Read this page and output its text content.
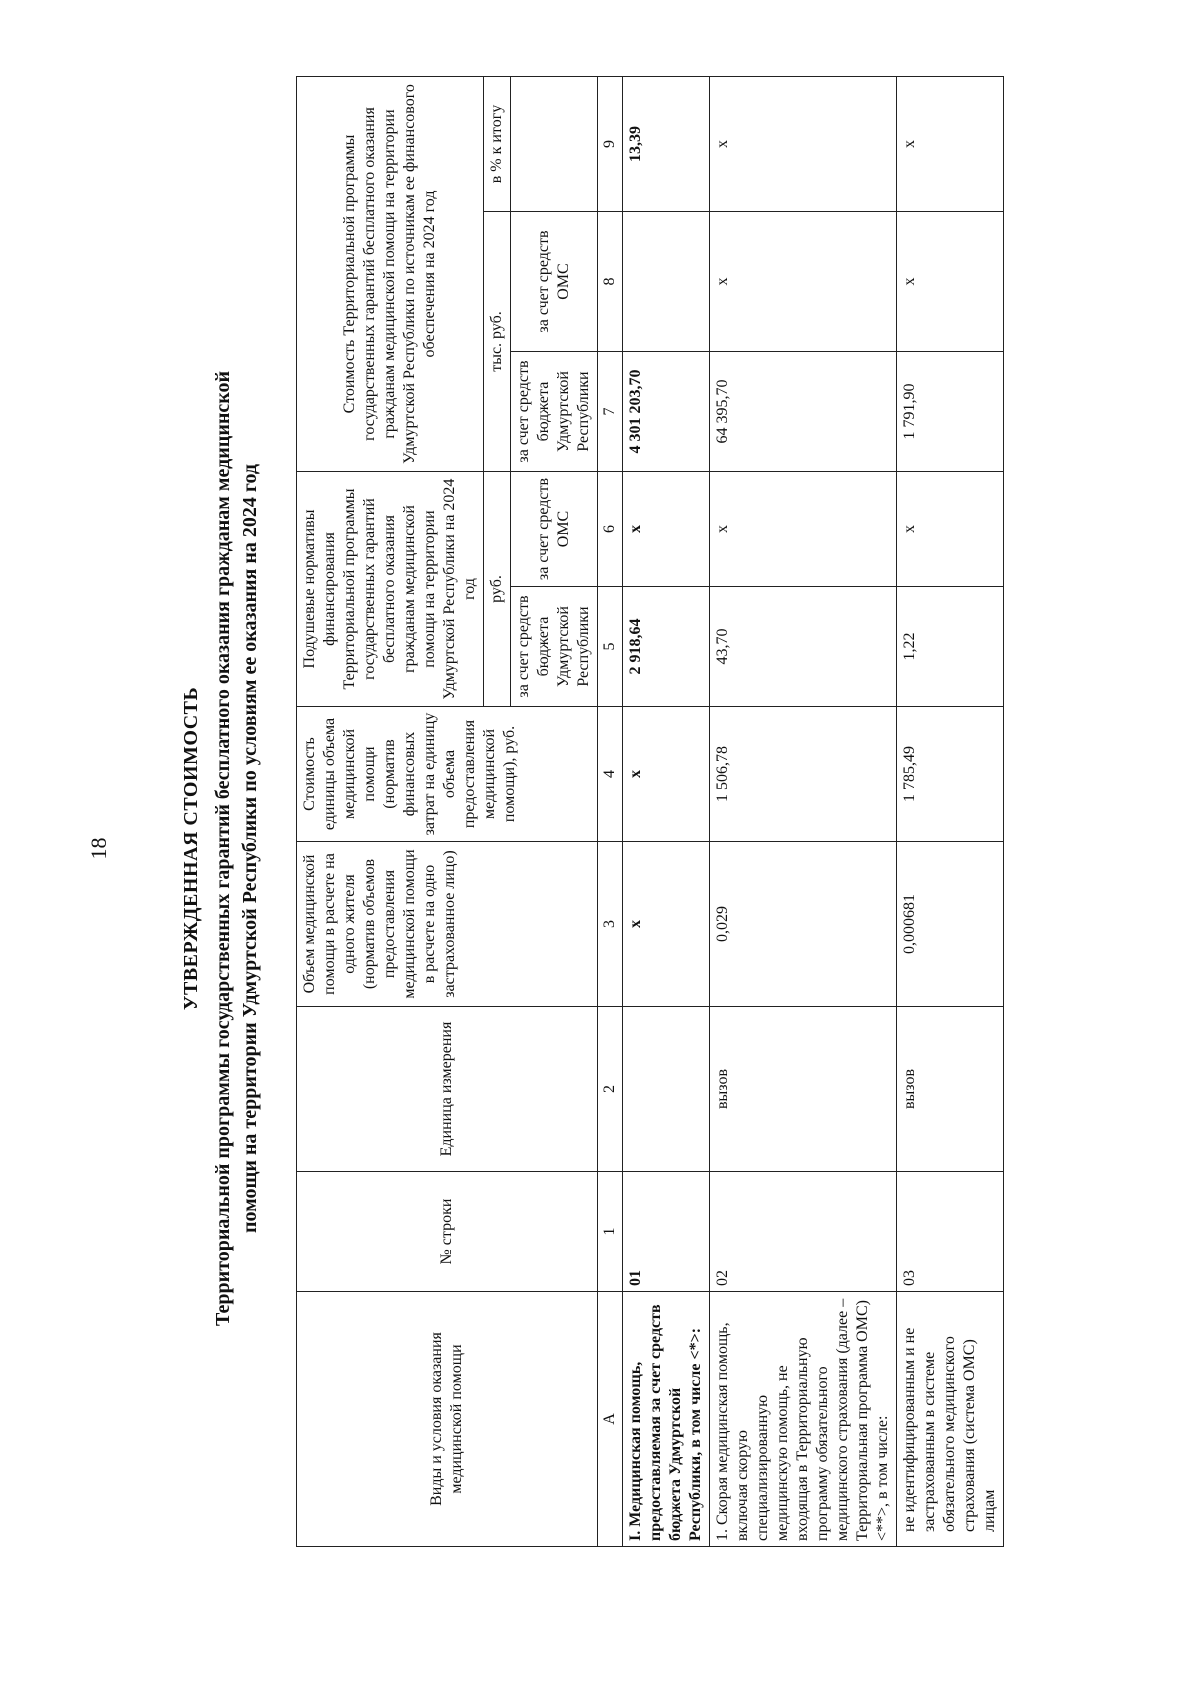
18	УТВЕРЖДЕННАЯ СТОИМОСТЬ Территориальной программы государственных гарантий бесплатного оказания гражданам медицинской помощи на территории Удмуртской Республики по условиям ее оказания на 2024 год
Виды и условия оказания медицинской помощи	№ строки	Единица измерения	Объем медицинской помощи в расчете на одного жителя (норматив объемов предоставления медицинской помощи в расчете на одно застрахованное лицо)	Стоимость единицы объема медицинской помощи (норматив финансовых затрат на единицу объема предоставления медицинской помощи), руб.	Подушевые нормативы финансирования Территориальной программы государственных гарантий бесплатного оказания гражданам медицинской помощи на территории Удмуртской Республики на 2024 год		Стоимость Территориальной программы государственных гарантий бесплатного оказания гражданам медицинской помощи на территории Удмуртской Республики по источникам ее финансового обеспечения на 2024 год		
					руб.		тыс. руб.		в % к итогу
					за счет средств бюджета Удмуртской Республики	за счет средств ОМС	за счет средств бюджета Удмуртской Республики	за счет средств ОМС	
А	1	2	3	4	5	6	7	8	9
I. Медицинская помощь, предоставляемая за счет средств бюджета Удмуртской Республики, в том числе <*>:	01		х	х	2 918,64	х	4 301 203,70		13,39
1. Скорая медицинская помощь, включая скорую специализированную медицинскую помощь, не входящая в Территориальную программу обязательного медицинского страхования (далее – Территориальная программа ОМС) <**>, в том числе:	02	вызов	0,029	1 506,78	43,70	х	64 395,70	х	х
не идентифицированным и не застрахованным в системе обязательного медицинского страхования (система ОМС) лицам	03	вызов	0,000681	1 785,49	1,22	х	1 791,90	х	х
